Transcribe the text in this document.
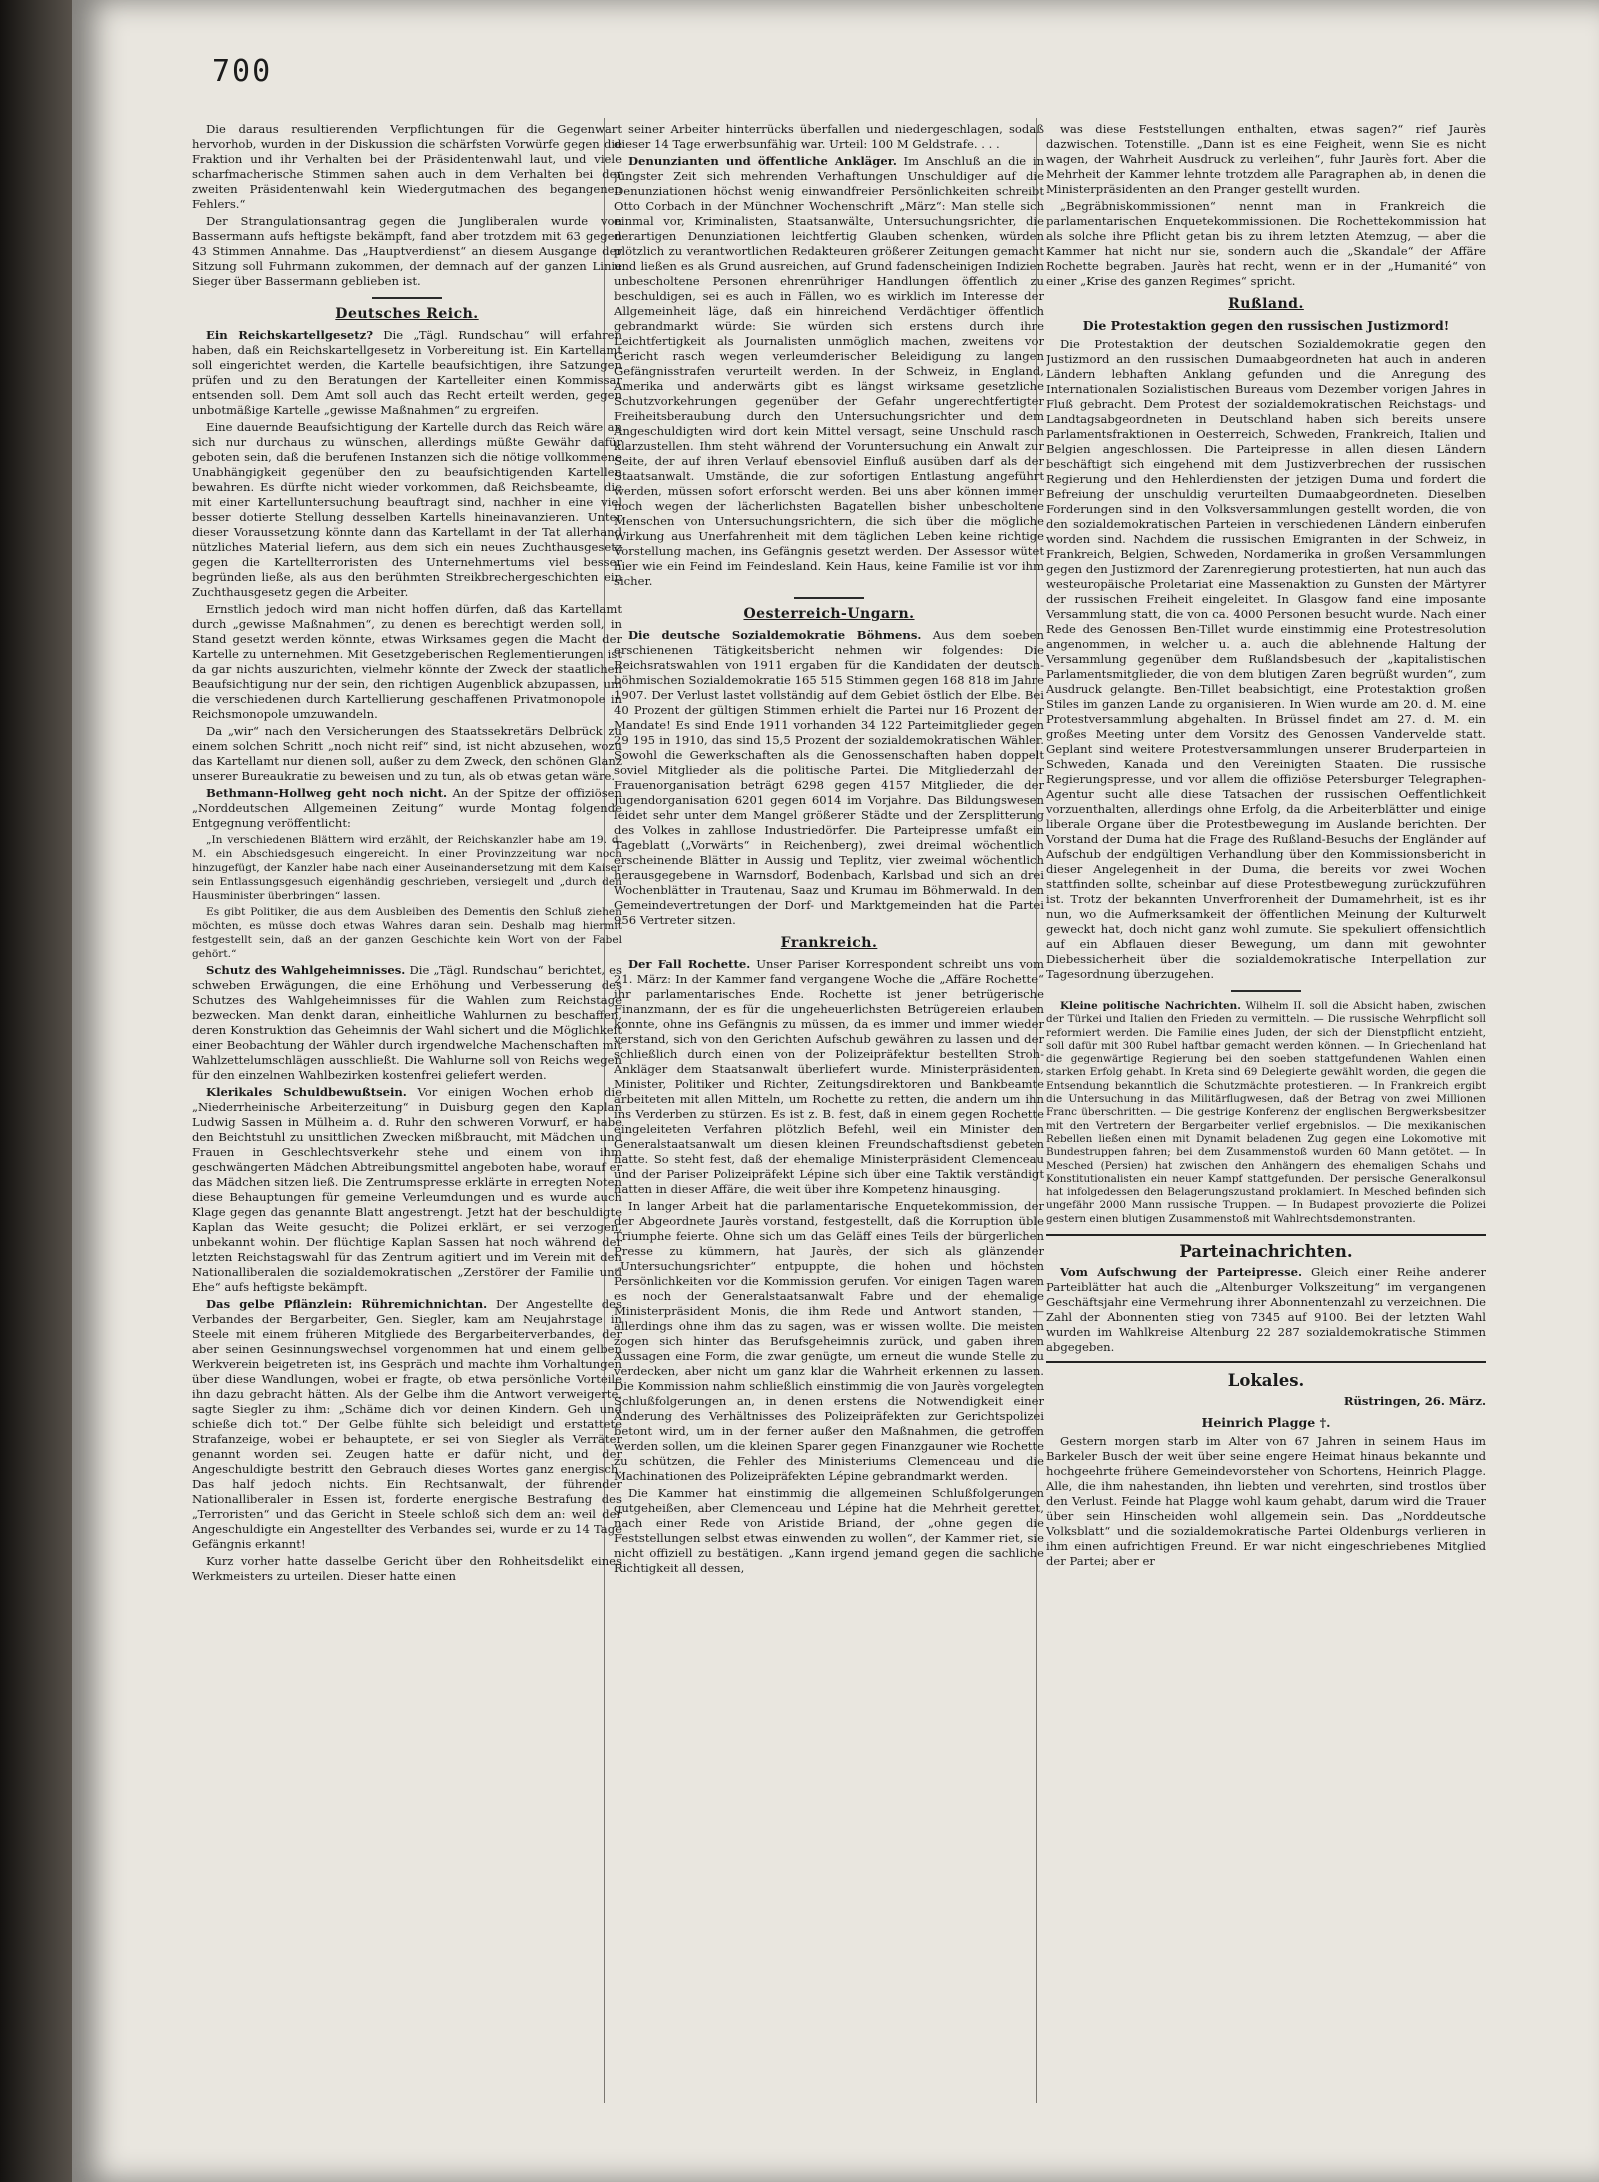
700

Die daraus resultierenden Verpflichtungen für die Gegenwart hervorhob, wurden in der Diskussion die schärfsten Vorwürfe gegen die Fraktion und ihr Verhalten bei der Präsidentenwahl laut, und viele scharfmacherische Stimmen sahen auch in dem Verhalten bei der zweiten Präsidentenwahl kein Wiedergutmachen des begangenen Fehlers.“

Der Strangulationsantrag gegen die Jungliberalen wurde von Bassermann aufs heftigste bekämpft, fand aber trotzdem mit 63 gegen 43 Stimmen Annahme. Das „Hauptverdienst“ an diesem Ausgange der Sitzung soll Fuhrmann zukommen, der demnach auf der ganzen Linie Sieger über Bassermann geblieben ist.

Deutsches Reich.

Ein Reichskartellgesetz? Die „Tägl. Rundschau“ will erfahren haben, daß ein Reichskartellgesetz in Vorbereitung ist. Ein Kartellamt soll eingerichtet werden, die Kartelle beaufsichtigen, ihre Satzungen prüfen und zu den Beratungen der Kartelleiter einen Kommissar entsenden soll. Dem Amt soll auch das Recht erteilt werden, gegen unbotmäßige Kartelle „gewisse Maßnahmen“ zu ergreifen.

Eine dauernde Beaufsichtigung der Kartelle durch das Reich wäre an sich nur durchaus zu wünschen, allerdings müßte Gewähr dafür geboten sein, daß die berufenen Instanzen sich die nötige vollkommene Unabhängigkeit gegenüber den zu beaufsichtigenden Kartellen bewahren. Es dürfte nicht wieder vorkommen, daß Reichsbeamte, die mit einer Kartelluntersuchung beauftragt sind, nachher in eine viel besser dotierte Stellung desselben Kartells hineinavanzieren. Unter dieser Voraussetzung könnte dann das Kartellamt in der Tat allerhand nützliches Material liefern, aus dem sich ein neues Zuchthausgesetz gegen die Kartellterroristen des Unternehmertums viel besser begründen ließe, als aus den berühmten Streikbrechergeschichten ein Zuchthausgesetz gegen die Arbeiter.

Ernstlich jedoch wird man nicht hoffen dürfen, daß das Kartellamt durch „gewisse Maßnahmen“, zu denen es berechtigt werden soll, in Stand gesetzt werden könnte, etwas Wirksames gegen die Macht der Kartelle zu unternehmen. Mit Gesetzgeberischen Reglementierungen ist da gar nichts auszurichten, vielmehr könnte der Zweck der staatlichen Beaufsichtigung nur der sein, den richtigen Augenblick abzupassen, um die verschiedenen durch Kartellierung geschaffenen Privatmonopole in Reichsmonopole umzuwandeln.

Da „wir“ nach den Versicherungen des Staatssekretärs Delbrück zu einem solchen Schritt „noch nicht reif“ sind, ist nicht abzusehen, wozu das Kartellamt nur dienen soll, außer zu dem Zweck, den schönen Glanz unserer Bureaukratie zu beweisen und zu tun, als ob etwas getan wäre.

Bethmann-Hollweg geht noch nicht. An der Spitze der offiziösen „Norddeutschen Allgemeinen Zeitung“ wurde Montag folgende Entgegnung veröffentlicht:

„In verschiedenen Blättern wird erzählt, der Reichskanzler habe am 19. d. M. ein Abschiedsgesuch eingereicht. In einer Provinzzeitung war noch hinzugefügt, der Kanzler habe nach einer Auseinandersetzung mit dem Kaiser sein Entlassungsgesuch eigenhändig geschrieben, versiegelt und „durch den Hausminister überbringen“ lassen.

Es gibt Politiker, die aus dem Ausbleiben des Dementis den Schluß ziehen möchten, es müsse doch etwas Wahres daran sein. Deshalb mag hiermit festgestellt sein, daß an der ganzen Geschichte kein Wort von der Fabel gehört.“

Schutz des Wahlgeheimnisses. Die „Tägl. Rundschau“ berichtet, es schweben Erwägungen, die eine Erhöhung und Verbesserung des Schutzes des Wahlgeheimnisses für die Wahlen zum Reichstage bezwecken. Man denkt daran, einheitliche Wahlurnen zu beschaffen, deren Konstruktion das Geheimnis der Wahl sichert und die Möglichkeit einer Beobachtung der Wähler durch irgendwelche Machenschaften mit Wahlzettelumschlägen ausschließt. Die Wahlurne soll von Reichs wegen für den einzelnen Wahlbezirken kostenfrei geliefert werden.

Klerikales Schuldbewußtsein. Vor einigen Wochen erhob die „Niederrheinische Arbeiterzeitung“ in Duisburg gegen den Kaplan Ludwig Sassen in Mülheim a. d. Ruhr den schweren Vorwurf, er habe den Beichtstuhl zu unsittlichen Zwecken mißbraucht, mit Mädchen und Frauen in Geschlechtsverkehr stehe und einem von ihm geschwängerten Mädchen Abtreibungsmittel angeboten habe, worauf er das Mädchen sitzen ließ. Die Zentrumspresse erklärte in erregten Noten diese Behauptungen für gemeine Verleumdungen und es wurde auch Klage gegen das genannte Blatt angestrengt. Jetzt hat der beschuldigte Kaplan das Weite gesucht; die Polizei erklärt, er sei verzogen, unbekannt wohin. Der flüchtige Kaplan Sassen hat noch während der letzten Reichstagswahl für das Zentrum agitiert und im Verein mit den Nationalliberalen die sozialdemokratischen „Zerstörer der Familie und Ehe“ aufs heftigste bekämpft.

Das gelbe Pflänzlein: Rühremichnichtan. Der Angestellte des Verbandes der Bergarbeiter, Gen. Siegler, kam am Neujahrstage in Steele mit einem früheren Mitgliede des Bergarbeiterverbandes, der aber seinen Gesinnungswechsel vorgenommen hat und einem gelben Werkverein beigetreten ist, ins Gespräch und machte ihm Vorhaltungen über diese Wandlungen, wobei er fragte, ob etwa persönliche Vorteile ihn dazu gebracht hätten. Als der Gelbe ihm die Antwort verweigerte, sagte Siegler zu ihm: „Schäme dich vor deinen Kindern. Geh und schieße dich tot.“ Der Gelbe fühlte sich beleidigt und erstattete Strafanzeige, wobei er behauptete, er sei von Siegler als Verräter genannt worden sei. Zeugen hatte er dafür nicht, und der Angeschuldigte bestritt den Gebrauch dieses Wortes ganz energisch. Das half jedoch nichts. Ein Rechtsanwalt, der führender Nationalliberaler in Essen ist, forderte energische Bestrafung des „Terroristen“ und das Gericht in Steele schloß sich dem an: weil der Angeschuldigte ein Angestellter des Verbandes sei, wurde er zu 14 Tage Gefängnis erkannt!

Kurz vorher hatte dasselbe Gericht über den Rohheitsdelikt eines Werkmeisters zu urteilen. Dieser hatte einen

seiner Arbeiter hinterrücks überfallen und niedergeschlagen, sodaß dieser 14 Tage erwerbsunfähig war. Urteil: 100 M Geldstrafe. . . .

Denunzianten und öffentliche Ankläger. Im Anschluß an die in jüngster Zeit sich mehrenden Verhaftungen Unschuldiger auf die Denunziationen höchst wenig einwandfreier Persönlichkeiten schreibt Otto Corbach in der Münchner Wochenschrift „März“: Man stelle sich einmal vor, Kriminalisten, Staatsanwälte, Untersuchungsrichter, die derartigen Denunziationen leichtfertig Glauben schenken, würden plötzlich zu verantwortlichen Redakteuren größerer Zeitungen gemacht und ließen es als Grund ausreichen, auf Grund fadenscheinigen Indizien unbescholtene Personen ehrenrühriger Handlungen öffentlich zu beschuldigen, sei es auch in Fällen, wo es wirklich im Interesse der Allgemeinheit läge, daß ein hinreichend Verdächtiger öffentlich gebrandmarkt würde: Sie würden sich erstens durch ihre Leichtfertigkeit als Journalisten unmöglich machen, zweitens vor Gericht rasch wegen verleumderischer Beleidigung zu langen Gefängnisstrafen verurteilt werden. In der Schweiz, in England, Amerika und anderwärts gibt es längst wirksame gesetzliche Schutzvorkehrungen gegenüber der Gefahr ungerechtfertigter Freiheitsberaubung durch den Untersuchungsrichter und dem Angeschuldigten wird dort kein Mittel versagt, seine Unschuld rasch klarzustellen. Ihm steht während der Voruntersuchung ein Anwalt zur Seite, der auf ihren Verlauf ebensoviel Einfluß ausüben darf als der Staatsanwalt. Umstände, die zur sofortigen Entlastung angeführt werden, müssen sofort erforscht werden. Bei uns aber können immer noch wegen der lächerlichsten Bagatellen bisher unbescholtene Menschen von Untersuchungsrichtern, die sich über die mögliche Wirkung aus Unerfahrenheit mit dem täglichen Leben keine richtige Vorstellung machen, ins Gefängnis gesetzt werden. Der Assessor wütet hier wie ein Feind im Feindesland. Kein Haus, keine Familie ist vor ihm sicher.

Oesterreich-Ungarn.

Die deutsche Sozialdemokratie Böhmens. Aus dem soeben erschienenen Tätigkeitsbericht nehmen wir folgendes: Die Reichsratswahlen von 1911 ergaben für die Kandidaten der deutsch-böhmischen Sozialdemokratie 165 515 Stimmen gegen 168 818 im Jahre 1907. Der Verlust lastet vollständig auf dem Gebiet östlich der Elbe. Bei 40 Prozent der gültigen Stimmen erhielt die Partei nur 16 Prozent der Mandate! Es sind Ende 1911 vorhanden 34 122 Parteimitglieder gegen 29 195 in 1910, das sind 15,5 Prozent der sozialdemokratischen Wähler. Sowohl die Gewerkschaften als die Genossenschaften haben doppelt soviel Mitglieder als die politische Partei. Die Mitgliederzahl der Frauenorganisation beträgt 6298 gegen 4157 Mitglieder, die der Jugendorganisation 6201 gegen 6014 im Vorjahre. Das Bildungswesen leidet sehr unter dem Mangel größerer Städte und der Zersplitterung des Volkes in zahllose Industriedörfer. Die Parteipresse umfaßt ein Tageblatt („Vorwärts“ in Reichenberg), zwei dreimal wöchentlich erscheinende Blätter in Aussig und Teplitz, vier zweimal wöchentlich herausgegebene in Warnsdorf, Bodenbach, Karlsbad und sich an drei Wochenblätter in Trautenau, Saaz und Krumau im Böhmerwald. In den Gemeindevertretungen der Dorf- und Marktgemeinden hat die Partei 956 Vertreter sitzen.

Frankreich.

Der Fall Rochette. Unser Pariser Korrespondent schreibt uns vom 21. März: In der Kammer fand vergangene Woche die „Affäre Rochette“ ihr parlamentarisches Ende. Rochette ist jener betrügerische Finanzmann, der es für die ungeheuerlichsten Betrügereien erlauben konnte, ohne ins Gefängnis zu müssen, da es immer und immer wieder verstand, sich von den Gerichten Aufschub gewähren zu lassen und der schließlich durch einen von der Polizeipräfektur bestellten Stroh-Ankläger dem Staatsanwalt überliefert wurde. Ministerpräsidenten, Minister, Politiker und Richter, Zeitungsdirektoren und Bankbeamte arbeiteten mit allen Mitteln, um Rochette zu retten, die andern um ihn ins Verderben zu stürzen. Es ist z. B. fest, daß in einem gegen Rochette eingeleiteten Verfahren plötzlich Befehl, weil ein Minister den Generalstaatsanwalt um diesen kleinen Freundschaftsdienst gebeten hatte. So steht fest, daß der ehemalige Ministerpräsident Clemenceau und der Pariser Polizeipräfekt Lépine sich über eine Taktik verständigt hatten in dieser Affäre, die weit über ihre Kompetenz hinausging.

In langer Arbeit hat die parlamentarische Enquetekommission, der der Abgeordnete Jaurès vorstand, festgestellt, daß die Korruption üble Triumphe feierte. Ohne sich um das Geläff eines Teils der bürgerlichen Presse zu kümmern, hat Jaurès, der sich als glänzender „Untersuchungsrichter“ entpuppte, die hohen und höchsten Persönlichkeiten vor die Kommission gerufen. Vor einigen Tagen waren es noch der Generalstaatsanwalt Fabre und der ehemalige Ministerpräsident Monis, die ihm Rede und Antwort standen, — allerdings ohne ihm das zu sagen, was er wissen wollte. Die meisten zogen sich hinter das Berufsgeheimnis zurück, und gaben ihren Aussagen eine Form, die zwar genügte, um erneut die wunde Stelle zu verdecken, aber nicht um ganz klar die Wahrheit erkennen zu lassen. Die Kommission nahm schließlich einstimmig die von Jaurès vorgelegten Schlußfolgerungen an, in denen erstens die Notwendigkeit einer Änderung des Verhältnisses des Polizeipräfekten zur Gerichtspolizei betont wird, um in der ferner außer den Maßnahmen, die getroffen werden sollen, um die kleinen Sparer gegen Finanzgauner wie Rochette zu schützen, die Fehler des Ministeriums Clemenceau und die Machinationen des Polizeipräfekten Lépine gebrandmarkt werden.

Die Kammer hat einstimmig die allgemeinen Schlußfolgerungen gutgeheißen, aber Clemenceau und Lépine hat die Mehrheit gerettet, nach einer Rede von Aristide Briand, der „ohne gegen die Feststellungen selbst etwas einwenden zu wollen“, der Kammer riet, sie nicht offiziell zu bestätigen. „Kann irgend jemand gegen die sachliche Richtigkeit all dessen,

was diese Feststellungen enthalten, etwas sagen?“ rief Jaurès dazwischen. Totenstille. „Dann ist es eine Feigheit, wenn Sie es nicht wagen, der Wahrheit Ausdruck zu verleihen“, fuhr Jaurès fort. Aber die Mehrheit der Kammer lehnte trotzdem alle Paragraphen ab, in denen die Ministerpräsidenten an den Pranger gestellt wurden.

„Begräbniskommissionen“ nennt man in Frankreich die parlamentarischen Enquetekommissionen. Die Rochettekommission hat als solche ihre Pflicht getan bis zu ihrem letzten Atemzug, — aber die Kammer hat nicht nur sie, sondern auch die „Skandale“ der Affäre Rochette begraben. Jaurès hat recht, wenn er in der „Humanité“ von einer „Krise des ganzen Regimes“ spricht.

Rußland.
Die Protestaktion gegen den russischen Justizmord!

Die Protestaktion der deutschen Sozialdemokratie gegen den Justizmord an den russischen Dumaabgeordneten hat auch in anderen Ländern lebhaften Anklang gefunden und die Anregung des Internationalen Sozialistischen Bureaus vom Dezember vorigen Jahres in Fluß gebracht. Dem Protest der sozialdemokratischen Reichstags- und Landtagsabgeordneten in Deutschland haben sich bereits unsere Parlamentsfraktionen in Oesterreich, Schweden, Frankreich, Italien und Belgien angeschlossen. Die Parteipresse in allen diesen Ländern beschäftigt sich eingehend mit dem Justizverbrechen der russischen Regierung und den Hehlerdiensten der jetzigen Duma und fordert die Befreiung der unschuldig verurteilten Dumaabgeordneten. Dieselben Forderungen sind in den Volksversammlungen gestellt worden, die von den sozialdemokratischen Parteien in verschiedenen Ländern einberufen worden sind. Nachdem die russischen Emigranten in der Schweiz, in Frankreich, Belgien, Schweden, Nordamerika in großen Versammlungen gegen den Justizmord der Zarenregierung protestierten, hat nun auch das westeuropäische Proletariat eine Massenaktion zu Gunsten der Märtyrer der russischen Freiheit eingeleitet. In Glasgow fand eine imposante Versammlung statt, die von ca. 4000 Personen besucht wurde. Nach einer Rede des Genossen Ben-Tillet wurde einstimmig eine Protestresolution angenommen, in welcher u. a. auch die ablehnende Haltung der Versammlung gegenüber dem Rußlandsbesuch der „kapitalistischen Parlamentsmitglieder, die von dem blutigen Zaren begrüßt wurden“, zum Ausdruck gelangte. Ben-Tillet beabsichtigt, eine Protestaktion großen Stiles im ganzen Lande zu organisieren. In Wien wurde am 20. d. M. eine Protestversammlung abgehalten. In Brüssel findet am 27. d. M. ein großes Meeting unter dem Vorsitz des Genossen Vandervelde statt. Geplant sind weitere Protestversammlungen unserer Bruderparteien in Schweden, Kanada und den Vereinigten Staaten. Die russische Regierungspresse, und vor allem die offiziöse Petersburger Telegraphen-Agentur sucht alle diese Tatsachen der russischen Oeffentlichkeit vorzuenthalten, allerdings ohne Erfolg, da die Arbeiterblätter und einige liberale Organe über die Protestbewegung im Auslande berichten. Der Vorstand der Duma hat die Frage des Rußland-Besuchs der Engländer auf Aufschub der endgültigen Verhandlung über den Kommissionsbericht in dieser Angelegenheit in der Duma, die bereits vor zwei Wochen stattfinden sollte, scheinbar auf diese Protestbewegung zurückzuführen ist. Trotz der bekannten Unverfrorenheit der Dumamehrheit, ist es ihr nun, wo die Aufmerksamkeit der öffentlichen Meinung der Kulturwelt geweckt hat, doch nicht ganz wohl zumute. Sie spekuliert offensichtlich auf ein Abflauen dieser Bewegung, um dann mit gewohnter Diebessicherheit über die sozialdemokratische Interpellation zur Tagesordnung überzugehen.

Kleine politische Nachrichten. Wilhelm II. soll die Absicht haben, zwischen der Türkei und Italien den Frieden zu vermitteln. — Die russische Wehrpflicht soll reformiert werden. Die Familie eines Juden, der sich der Dienstpflicht entzieht, soll dafür mit 300 Rubel haftbar gemacht werden können. — In Griechenland hat die gegenwärtige Regierung bei den soeben stattgefundenen Wahlen einen starken Erfolg gehabt. In Kreta sind 69 Delegierte gewählt worden, die gegen die Entsendung bekanntlich die Schutzmächte protestieren. — In Frankreich ergibt die Untersuchung in das Militärflugwesen, daß der Betrag von zwei Millionen Franc überschritten. — Die gestrige Konferenz der englischen Bergwerksbesitzer mit den Vertretern der Bergarbeiter verlief ergebnislos. — Die mexikanischen Rebellen ließen einen mit Dynamit beladenen Zug gegen eine Lokomotive mit Bundestruppen fahren; bei dem Zusammenstoß wurden 60 Mann getötet. — In Mesched (Persien) hat zwischen den Anhängern des ehemaligen Schahs und Konstitutionalisten ein neuer Kampf stattgefunden. Der persische Generalkonsul hat infolgedessen den Belagerungszustand proklamiert. In Mesched befinden sich ungefähr 2000 Mann russische Truppen. — In Budapest provozierte die Polizei gestern einen blutigen Zusammenstoß mit Wahlrechtsdemonstranten.

Parteinachrichten.

Vom Aufschwung der Parteipresse. Gleich einer Reihe anderer Parteiblätter hat auch die „Altenburger Volkszeitung“ im vergangenen Geschäftsjahr eine Vermehrung ihrer Abonnentenzahl zu verzeichnen. Die Zahl der Abonnenten stieg von 7345 auf 9100. Bei der letzten Wahl wurden im Wahlkreise Altenburg 22 287 sozialdemokratische Stimmen abgegeben.

Lokales.
Rüstringen, 26. März.
Heinrich Plagge †.

Gestern morgen starb im Alter von 67 Jahren in seinem Haus im Barkeler Busch der weit über seine engere Heimat hinaus bekannte und hochgeehrte frühere Gemeindevorsteher von Schortens, Heinrich Plagge. Alle, die ihm nahestanden, ihn liebten und verehrten, sind trostlos über den Verlust. Feinde hat Plagge wohl kaum gehabt, darum wird die Trauer über sein Hinscheiden wohl allgemein sein. Das „Norddeutsche Volksblatt“ und die sozialdemokratische Partei Oldenburgs verlieren in ihm einen aufrichtigen Freund. Er war nicht eingeschriebenes Mitglied der Partei; aber er
